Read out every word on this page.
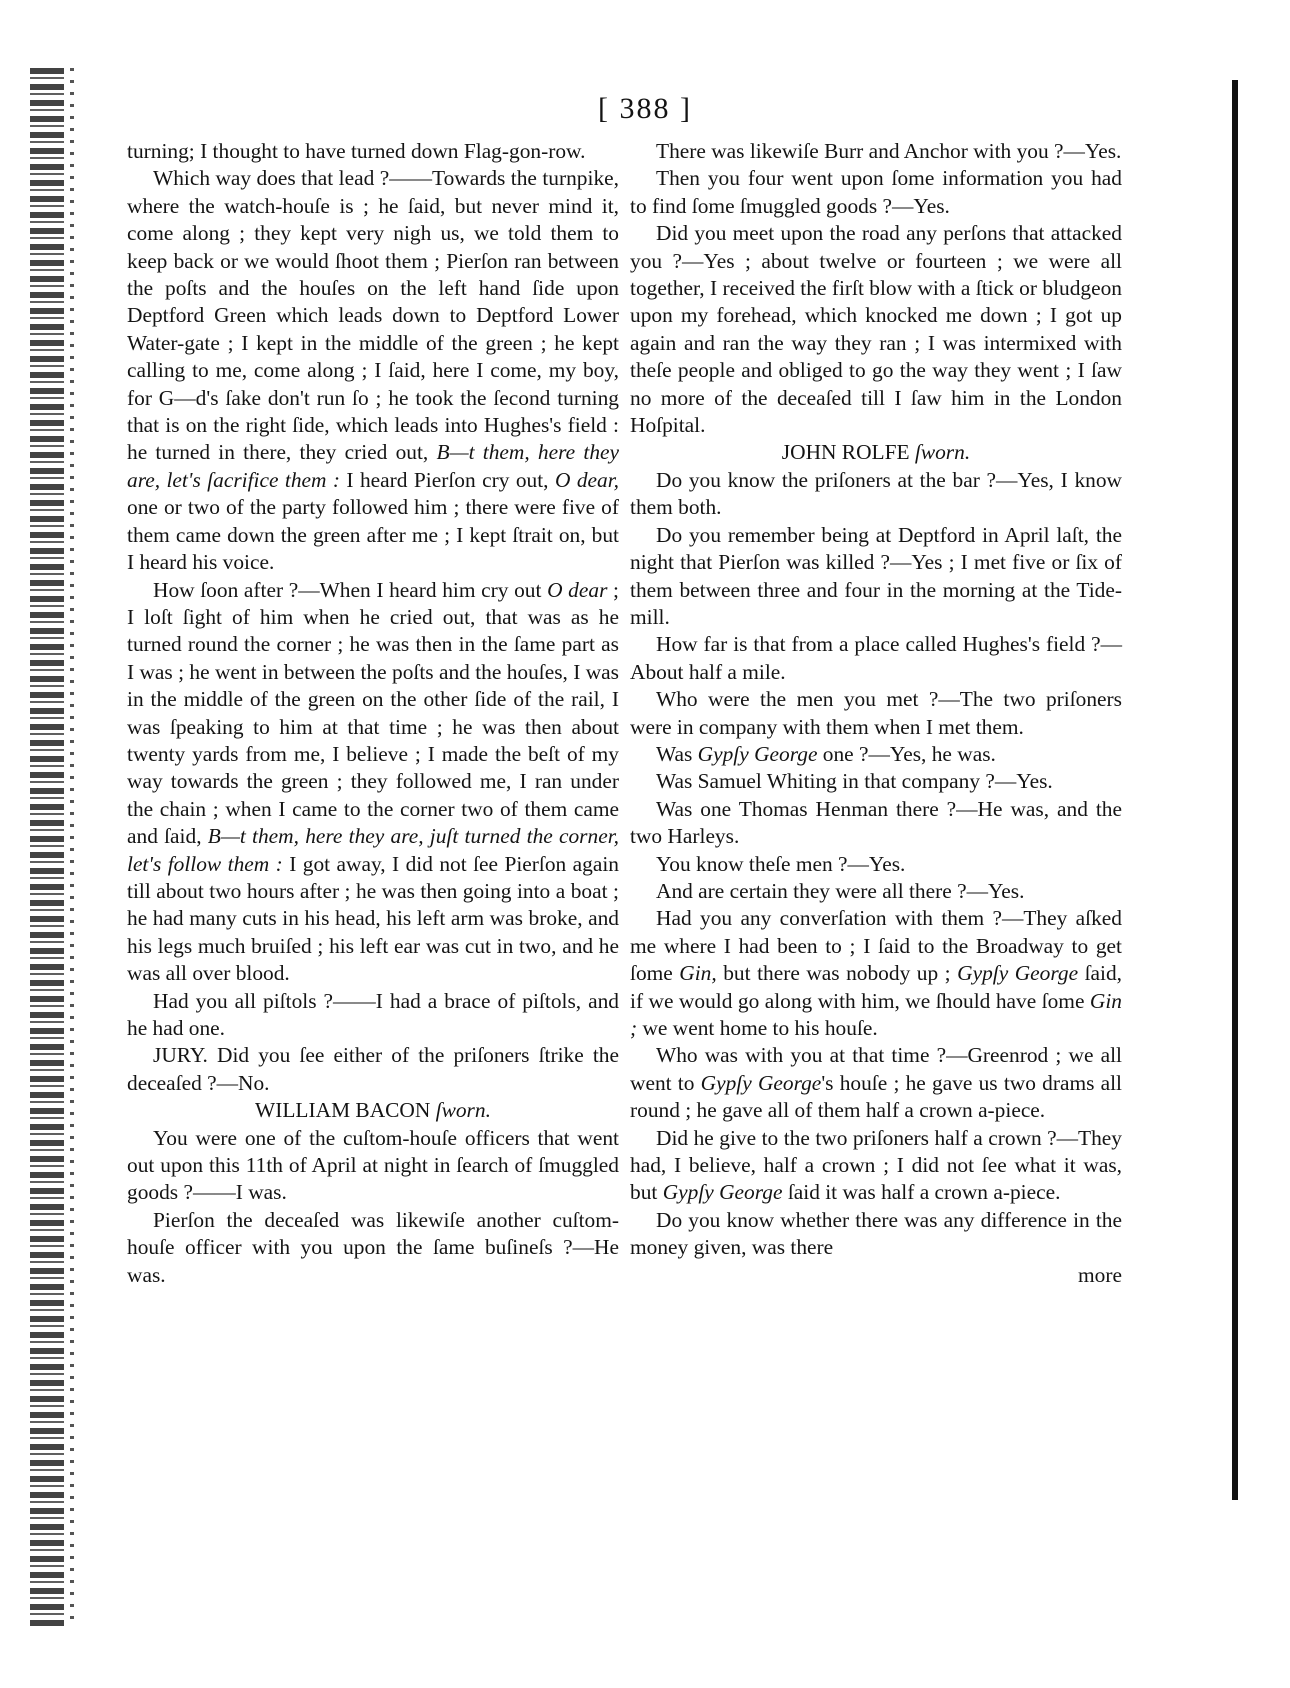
[ 388 ]

turning; I thought to have turned down Flag-gon-row.

Which way does that lead ?——Towards the turnpike, where the watch-houſe is ; he ſaid, but never mind it, come along ; they kept very nigh us, we told them to keep back or we would ſhoot them ; Pierſon ran between the poſts and the houſes on the left hand ſide upon Deptford Green which leads down to Deptford Lower Water-gate ; I kept in the middle of the green ; he kept calling to me, come along ; I ſaid, here I come, my boy, for G—d's ſake don't run ſo ; he took the ſecond turning that is on the right ſide, which leads into Hughes's field : he turned in there, they cried out, B—t them, here they are, let's ſacrifice them : I heard Pierſon cry out, O dear, one or two of the party followed him ; there were five of them came down the green after me ; I kept ſtrait on, but I heard his voice.

How ſoon after ?—When I heard him cry out O dear ; I loſt ſight of him when he cried out, that was as he turned round the corner ; he was then in the ſame part as I was ; he went in between the poſts and the houſes, I was in the middle of the green on the other ſide of the rail, I was ſpeaking to him at that time ; he was then about twenty yards from me, I believe ; I made the beſt of my way towards the green ; they followed me, I ran under the chain ; when I came to the corner two of them came and ſaid, B—t them, here they are, juſt turned the corner, let's follow them : I got away, I did not ſee Pierſon again till about two hours after ; he was then going into a boat ; he had many cuts in his head, his left arm was broke, and his legs much bruiſed ; his left ear was cut in two, and he was all over blood.

Had you all piſtols ?——I had a brace of piſtols, and he had one.

JURY. Did you ſee either of the priſoners ſtrike the deceaſed ?—No.

WILLIAM BACON ſworn.

You were one of the cuſtom-houſe officers that went out upon this 11th of April at night in ſearch of ſmuggled goods ?——I was.

Pierſon the deceaſed was likewiſe another cuſtom-houſe officer with you upon the ſame buſineſs ?—He was.

There was likewiſe Burr and Anchor with you ?—Yes.

Then you four went upon ſome information you had to find ſome ſmuggled goods ?—Yes.

Did you meet upon the road any perſons that attacked you ?—Yes ; about twelve or fourteen ; we were all together, I received the firſt blow with a ſtick or bludgeon upon my forehead, which knocked me down ; I got up again and ran the way they ran ; I was intermixed with theſe people and obliged to go the way they went ; I ſaw no more of the deceaſed till I ſaw him in the London Hoſpital.

JOHN ROLFE ſworn.

Do you know the priſoners at the bar ?—Yes, I know them both.

Do you remember being at Deptford in April laſt, the night that Pierſon was killed ?—Yes ; I met five or ſix of them between three and four in the morning at the Tide-mill.

How far is that from a place called Hughes's field ?—About half a mile.

Who were the men you met ?—The two priſoners were in company with them when I met them.

Was Gypſy George one ?—Yes, he was.

Was Samuel Whiting in that company ?—Yes.

Was one Thomas Henman there ?—He was, and the two Harleys.

You know theſe men ?—Yes.

And are certain they were all there ?—Yes.

Had you any converſation with them ?—They aſked me where I had been to ; I ſaid to the Broadway to get ſome Gin, but there was nobody up ; Gypſy George ſaid, if we would go along with him, we ſhould have ſome Gin ; we went home to his houſe.

Who was with you at that time ?—Greenrod ; we all went to Gypſy George's houſe ; he gave us two drams all round ; he gave all of them half a crown a-piece.

Did he give to the two priſoners half a crown ?—They had, I believe, half a crown ; I did not ſee what it was, but Gypſy George ſaid it was half a crown a-piece.

Do you know whether there was any difference in the money given, was there

more
